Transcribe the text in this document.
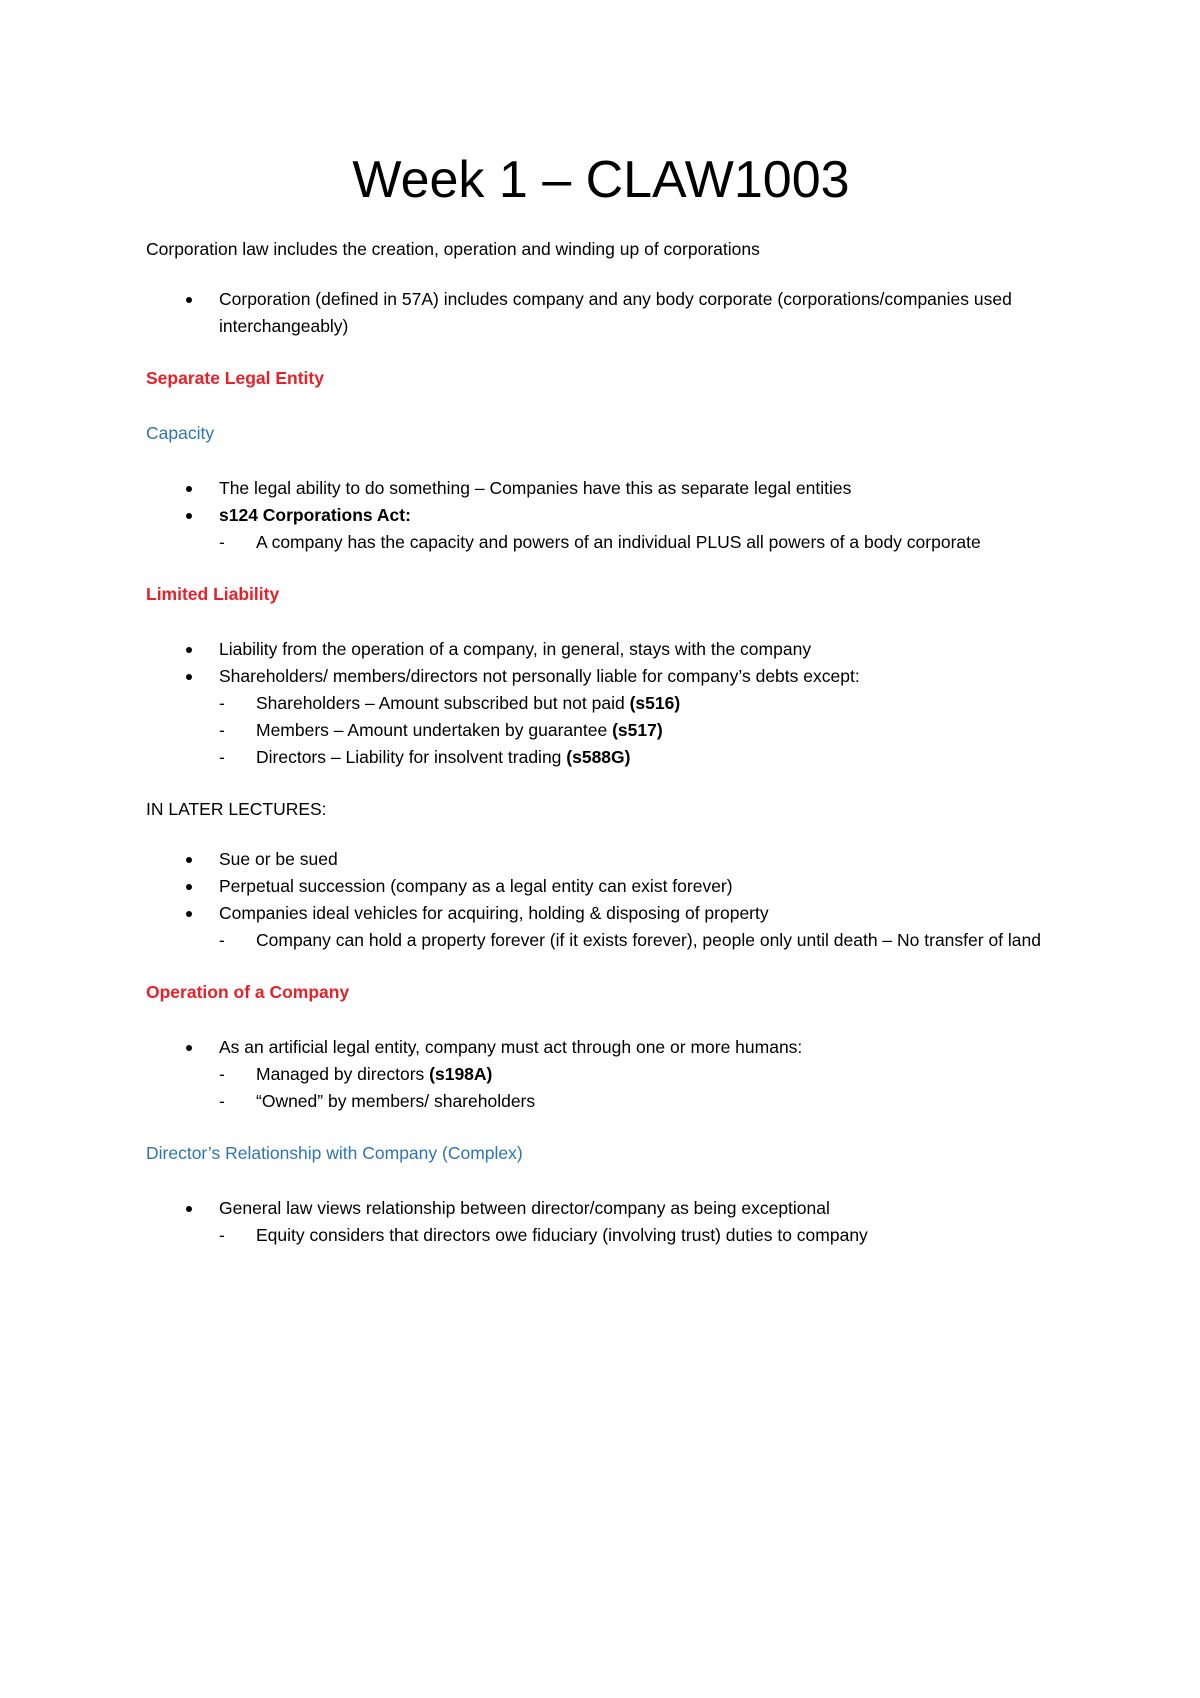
Week 1 – CLAW1003

Corporation law includes the creation, operation and winding up of corporations

Corporation (defined in 57A) includes company and any body corporate (corporations/companies used interchangeably)

Separate Legal Entity

Capacity

The legal ability to do something – Companies have this as separate legal entities
s124 Corporations Act:
- A company has the capacity and powers of an individual PLUS all powers of a body corporate

Limited Liability

Liability from the operation of a company, in general, stays with the company
Shareholders/ members/directors not personally liable for company’s debts except:
- Shareholders – Amount subscribed but not paid (s516)
- Members – Amount undertaken by guarantee (s517)
- Directors – Liability for insolvent trading (s588G)

IN LATER LECTURES:

Sue or be sued
Perpetual succession (company as a legal entity can exist forever)
Companies ideal vehicles for acquiring, holding & disposing of property
- Company can hold a property forever (if it exists forever), people only until death – No transfer of land

Operation of a Company

As an artificial legal entity, company must act through one or more humans:
- Managed by directors (s198A)
- “Owned” by members/ shareholders

Director’s Relationship with Company (Complex)

General law views relationship between director/company as being exceptional
- Equity considers that directors owe fiduciary (involving trust) duties to company
